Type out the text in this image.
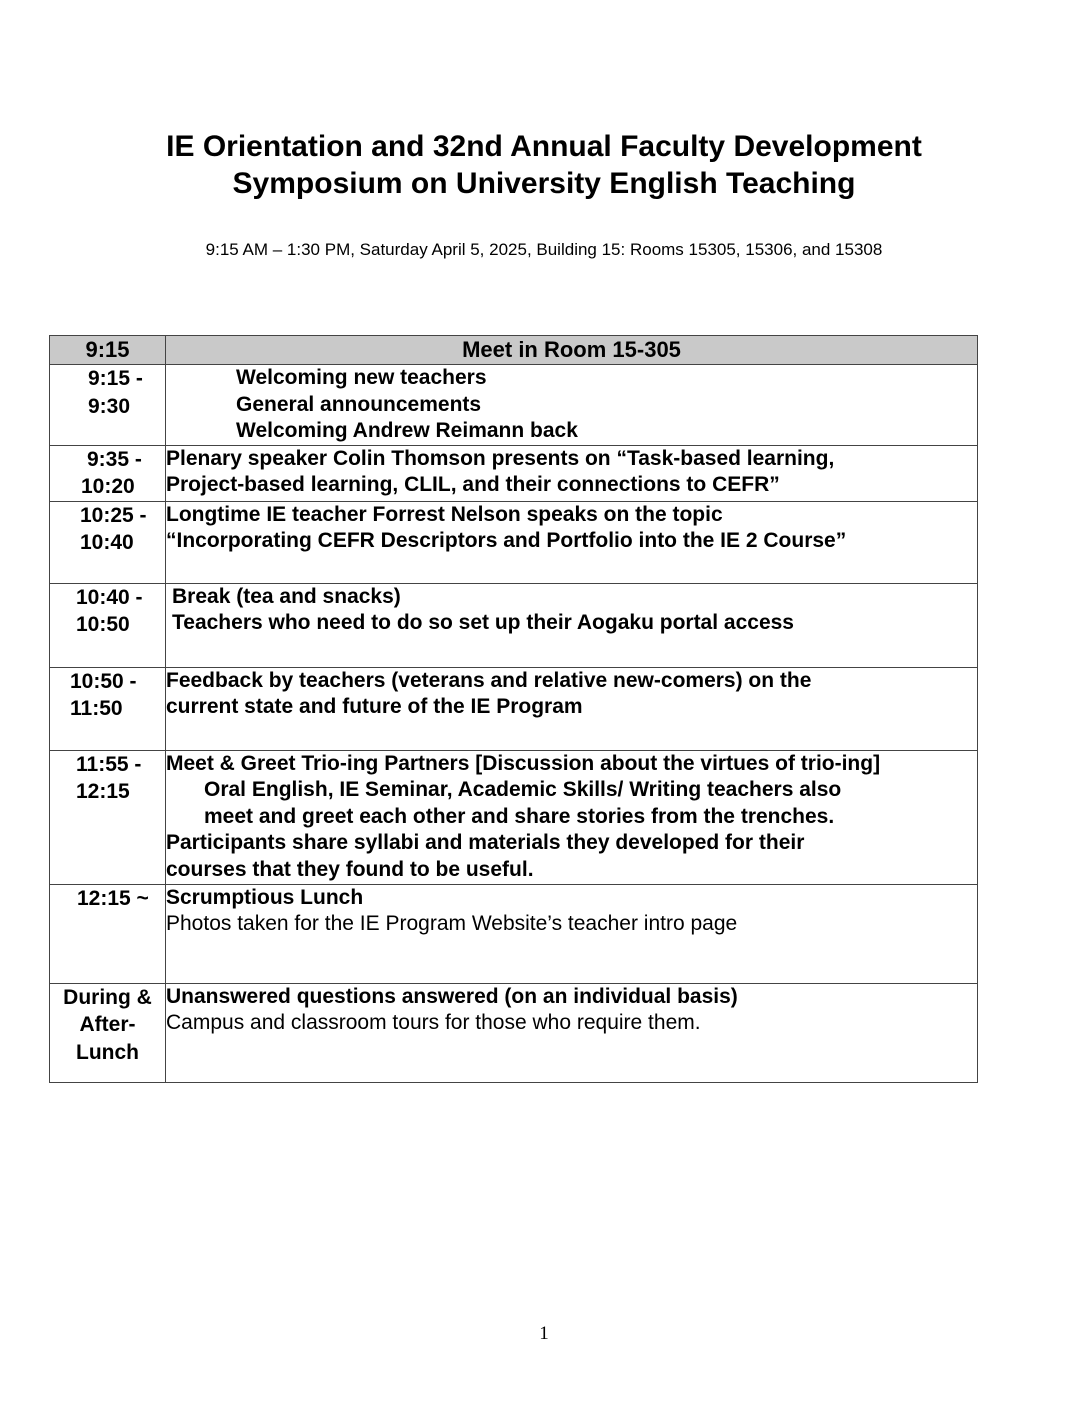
IE Orientation and 32nd Annual Faculty Development
Symposium on University English Teaching
9:15 AM – 1:30 PM, Saturday April 5, 2025, Building 15: Rooms 15305, 15306, and 15308
9:15	Meet in Room 15-305

9:15 -
9:30	Welcoming new teachers
General announcements
Welcoming Andrew Reimann back

9:35 -
10:20	Plenary speaker Colin Thomson presents on “Task-based learning,
Project-based learning, CLIL, and their connections to CEFR”

10:25 -
10:40	Longtime IE teacher Forrest Nelson speaks on the topic
“Incorporating CEFR Descriptors and Portfolio into the IE 2 Course”

10:40 -
10:50	Break (tea and snacks)
Teachers who need to do so set up their Aogaku portal access

10:50 -
11:50	Feedback by teachers (veterans and relative new-comers) on the
current state and future of the IE Program

11:55 -
12:15	Meet & Greet Trio-ing Partners [Discussion about the virtues of trio-ing]
Oral English, IE Seminar, Academic Skills/ Writing teachers also
meet and greet each other and share stories from the trenches.
Participants share syllabi and materials they developed for their
courses that they found to be useful.

12:15 ~	Scrumptious Lunch
Photos taken for the IE Program Website’s teacher intro page

During &
After-
Lunch	Unanswered questions answered (on an individual basis)
Campus and classroom tours for those who require them.
1
